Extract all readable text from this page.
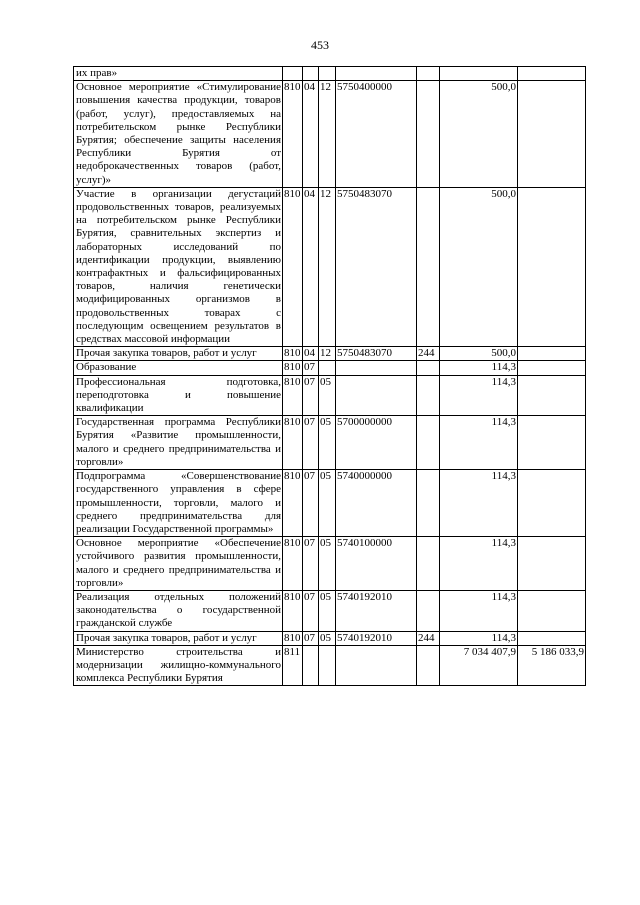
453
их прав»							
Основное мероприятие «Стимулирование повышения качества продукции, товаров (работ, услуг), предоставляемых на потребительском рынке Республики Бурятия; обеспечение защиты населения Республики Бурятия от недоброкачественных товаров (работ, услуг)»	810	04	12	5750400000		500,0	
Участие в организации дегустаций продовольственных товаров, реализуемых на потребительском рынке Республики Бурятия, сравнительных экспертиз и лабораторных исследований по идентификации продукции, выявлению контрафактных и фальсифицированных товаров, наличия генетически модифицированных организмов в продовольственных товарах с последующим освещением результатов в средствах массовой информации	810	04	12	5750483070		500,0	
Прочая закупка товаров, работ и услуг	810	04	12	5750483070	244	500,0	
Образование	810	07				114,3	
Профессиональная подготовка, переподготовка и повышение квалификации	810	07	05			114,3	
Государственная программа Республики Бурятия «Развитие промышленности, малого и среднего предпринимательства и торговли»	810	07	05	5700000000		114,3	
Подпрограмма «Совершенствование государственного управления в сфере промышленности, торговли, малого и среднего предпринимательства для реализации Государственной программы»	810	07	05	5740000000		114,3	
Основное мероприятие «Обеспечение устойчивого развития промышленности, малого и среднего предпринимательства и торговли»	810	07	05	5740100000		114,3	
Реализация отдельных положений законодательства о государственной гражданской службе	810	07	05	5740192010		114,3	
Прочая закупка товаров, работ и услуг	810	07	05	5740192010	244	114,3	
Министерство строительства и модернизации жилищно-коммунального комплекса Республики Бурятия	811					7 034 407,9	5 186 033,9
